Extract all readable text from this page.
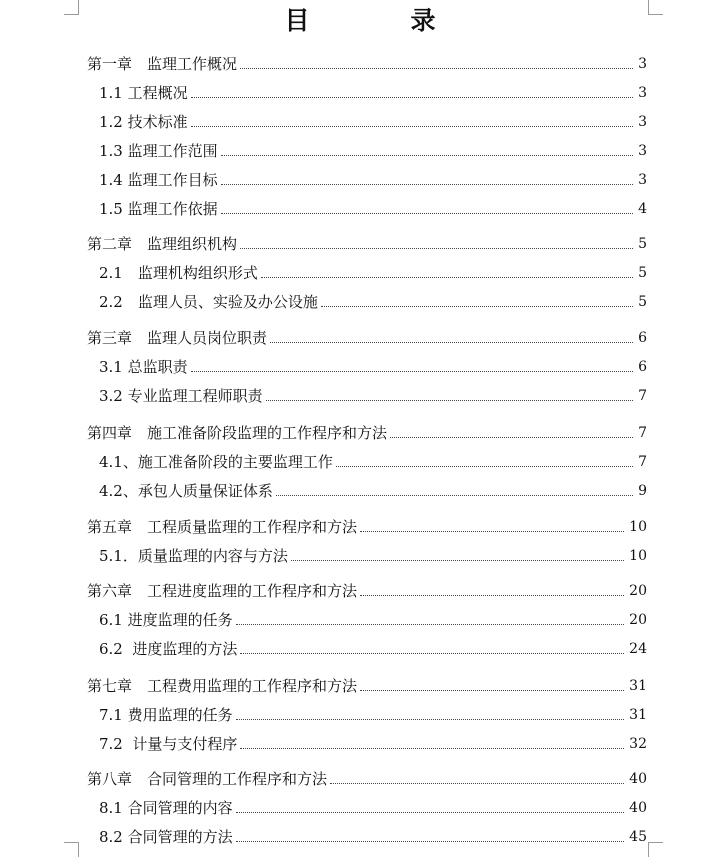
目　录
第一章　监理工作概况	3
1.1 工程概况	3
1.2 技术标准	3
1.3 监理工作范围	3
1.4 监理工作目标	3
1.5 监理工作依据	4
第二章　监理组织机构	5
2.1　监理机构组织形式	5
2.2　监理人员、实验及办公设施	5
第三章　监理人员岗位职责	6
3.1 总监职责	6
3.2 专业监理工程师职责	7
第四章　施工准备阶段监理的工作程序和方法	7
4.1、施工准备阶段的主要监理工作	7
4.2、承包人质量保证体系	9
第五章　工程质量监理的工作程序和方法	10
5.1．质量监理的内容与方法	10
第六章　工程进度监理的工作程序和方法	20
6.1 进度监理的任务	20
6.2  进度监理的方法	24
第七章　工程费用监理的工作程序和方法	31
7.1 费用监理的任务	31
7.2  计量与支付程序	32
第八章　合同管理的工作程序和方法	40
8.1 合同管理的内容	40
8.2 合同管理的方法	45
